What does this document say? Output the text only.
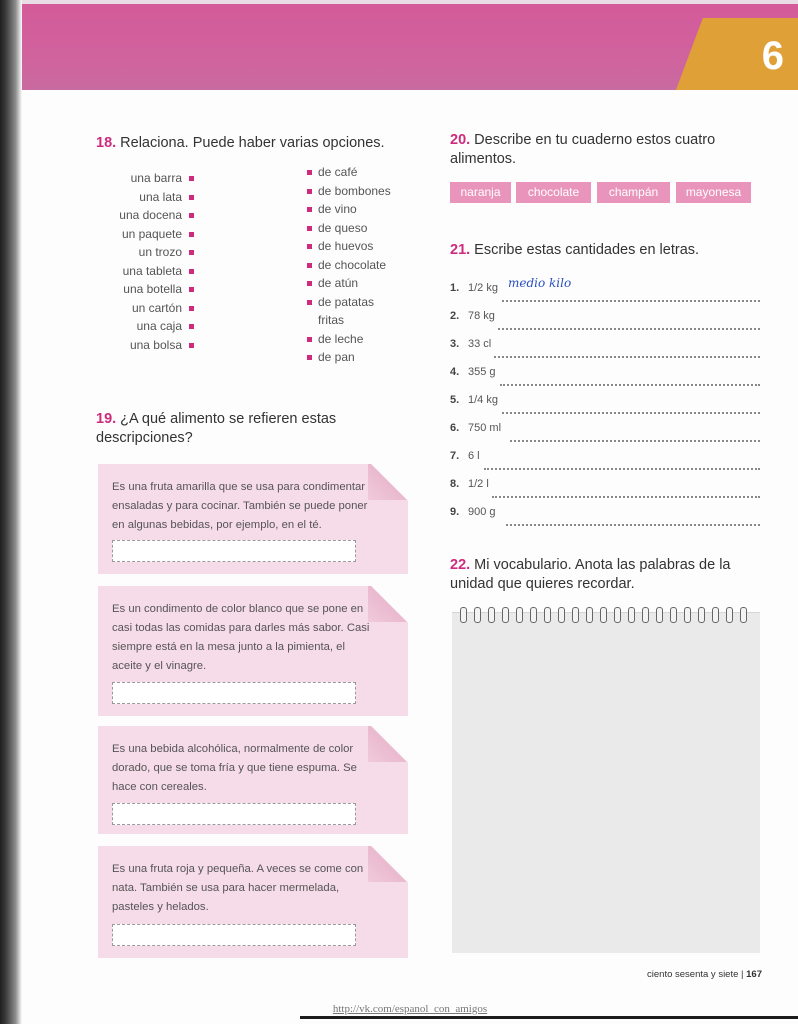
6
18. Relaciona. Puede haber varias opciones.
una barra
una lata
una docena
un paquete
un trozo
una tableta
una botella
un cartón
una caja
una bolsa
de café
de bombones
de vino
de queso
de huevos
de chocolate
de atún
de patatas fritas
de leche
de pan
19. ¿A qué alimento se refieren estas descripciones?
Es una fruta amarilla que se usa para condimentar ensaladas y para cocinar. También se puede poner en algunas bebidas, por ejemplo, en el té.
Es un condimento de color blanco que se pone en casi todas las comidas para darles más sabor. Casi siempre está en la mesa junto a la pimienta, el aceite y el vinagre.
Es una bebida alcohólica, normalmente de color dorado, que se toma fría y que tiene espuma. Se hace con cereales.
Es una fruta roja y pequeña. A veces se come con nata. También se usa para hacer mermelada, pasteles y helados.
20. Describe en tu cuaderno estos cuatro alimentos.
naranja	chocolate	champán	mayonesa
21. Escribe estas cantidades en letras.
1. 1/2 kg medio kilo
2. 78 kg
3. 33 cl
4. 355 g
5. 1/4 kg
6. 750 ml
7. 6 l
8. 1/2 l
9. 900 g
22. Mi vocabulario. Anota las palabras de la unidad que quieres recordar.
ciento sesenta y siete | 167
http://vk.com/espanol_con_amigos
